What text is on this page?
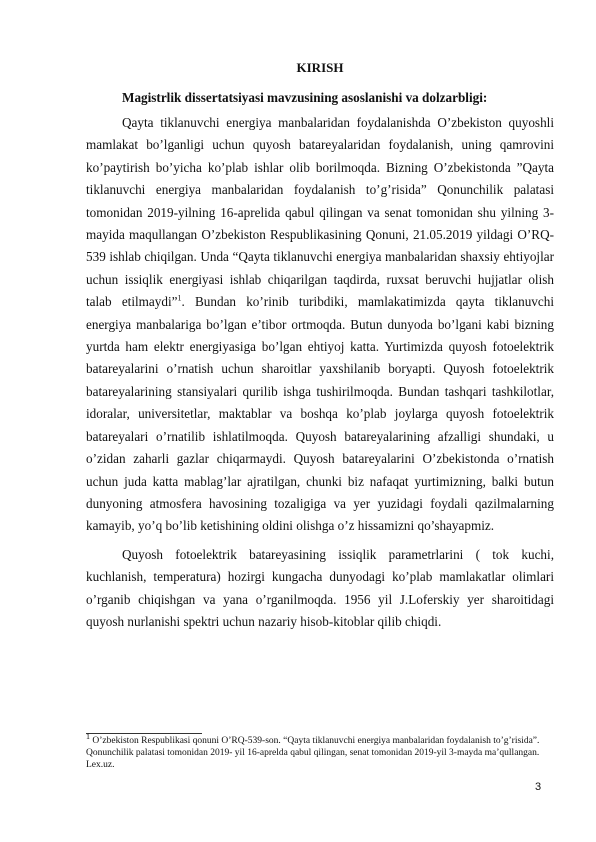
KIRISH
Magistrlik dissertatsiyasi mavzusining asoslanishi va dolzarbligi:

Qayta tiklanuvchi energiya manbalaridan foydalanishda O’zbekiston quyoshli mamlakat bo’lganligi uchun quyosh batareyalaridan foydalanish, uning qamrovini ko’paytirish bo’yicha ko’plab ishlar olib borilmoqda. Bizning O’zbekistonda ”Qayta tiklanuvchi energiya manbalaridan foydalanish to’g’risida” Qonunchilik palatasi tomonidan 2019-yilning 16-aprelida qabul qilingan va senat tomonidan shu yilning 3-mayida maqullangan O’zbekiston Respublikasining Qonuni, 21.05.2019 yildagi O’RQ-539 ishlab chiqilgan. Unda “Qayta tiklanuvchi energiya manbalaridan shaxsiy ehtiyojlar uchun issiqlik energiyasi ishlab chiqarilgan taqdirda, ruxsat beruvchi hujjatlar olish talab etilmaydi”$^1$. Bundan ko’rinib turibdiki, mamlakatimizda qayta tiklanuvchi energiya manbalariga bo’lgan e’tibor ortmoqda. Butun dunyoda bo’lgani kabi bizning yurtda ham elektr energiyasiga bo’lgan ehtiyoj katta. Yurtimizda quyosh fotoelektrik batareyalarini o’rnatish uchun sharoitlar yaxshilanib boryapti. Quyosh fotoelektrik batareyalarining stansiyalari qurilib ishga tushirilmoqda. Bundan tashqari tashkilotlar, idoralar, universitetlar, maktablar va boshqa ko’plab joylarga quyosh fotoelektrik batareyalari o’rnatilib ishlatilmoqda. Quyosh batareyalarining afzalligi shundaki, u o’zidan zaharli gazlar chiqarmaydi. Quyosh batareyalarini O’zbekistonda o’rnatish uchun juda katta mablag’lar ajratilgan, chunki biz nafaqat yurtimizning, balki butun dunyoning atmosfera havosining tozaligiga va yer yuzidagi foydali qazilmalarning kamayib, yo’q bo’lib ketishining oldini olishga o’z hissamizni qo’shayapmiz.

Quyosh fotoelektrik batareyasining issiqlik parametrlarini ( tok kuchi, kuchlanish, temperatura) hozirgi kungacha dunyodagi ko’plab mamlakatlar olimlari o’rganib chiqishgan va yana o’rganilmoqda. 1956 yil J.Loferskiy yer sharoitidagi quyosh nurlanishi spektri uchun nazariy hisob-kitoblar qilib chiqdi.

$^1$ O’zbekiston Respublikasi qonuni O’RQ-539-son. “Qayta tiklanuvchi energiya manbalaridan foydalanish to’g’risida”. Qonunchilik palatasi tomonidan 2019- yil 16-aprelda qabul qilingan, senat tomonidan 2019-yil 3-mayda ma’qullangan. Lex.uz.
3
